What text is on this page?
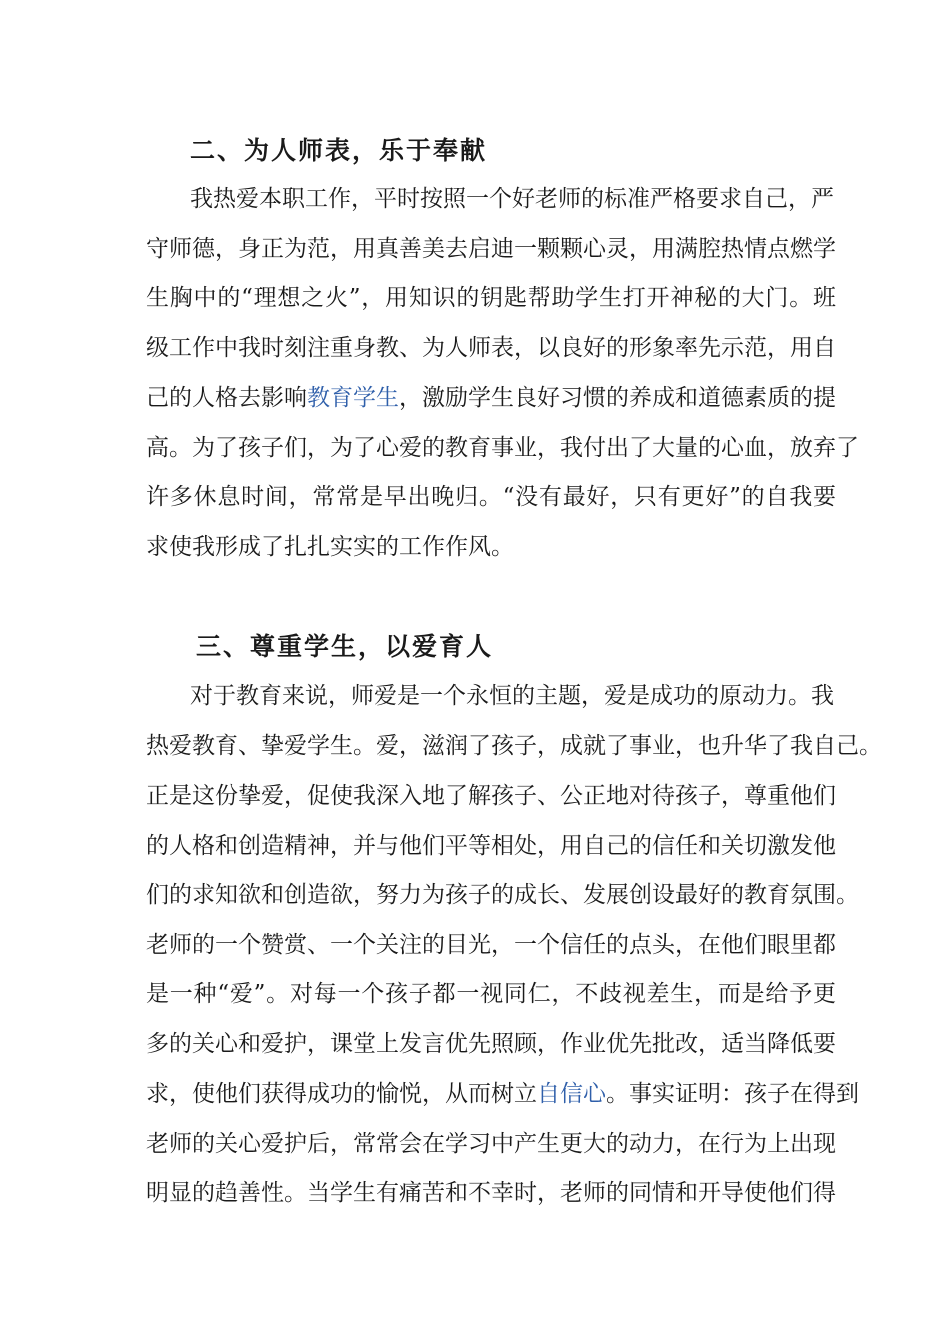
二、为人师表，乐于奉献
我热爱本职工作，平时按照一个好老师的标准严格要求自己，严
守师德，身正为范，用真善美去启迪一颗颗心灵，用满腔热情点燃学
生胸中的“理想之火”，用知识的钥匙帮助学生打开神秘的大门。班
级工作中我时刻注重身教、为人师表，以良好的形象率先示范，用自
己的人格去影响教育学生，激励学生良好习惯的养成和道德素质的提
高。为了孩子们，为了心爱的教育事业，我付出了大量的心血，放弃了
许多休息时间，常常是早出晚归。“没有最好，只有更好”的自我要
求使我形成了扎扎实实的工作作风。
三、尊重学生，以爱育人
对于教育来说，师爱是一个永恒的主题，爱是成功的原动力。我
热爱教育、挚爱学生。爱，滋润了孩子，成就了事业，也升华了我自己。
正是这份挚爱，促使我深入地了解孩子、公正地对待孩子，尊重他们
的人格和创造精神，并与他们平等相处，用自己的信任和关切激发他
们的求知欲和创造欲，努力为孩子的成长、发展创设最好的教育氛围。
老师的一个赞赏、一个关注的目光，一个信任的点头，在他们眼里都
是一种“爱”。对每一个孩子都一视同仁，不歧视差生，而是给予更
多的关心和爱护，课堂上发言优先照顾，作业优先批改，适当降低要
求，使他们获得成功的愉悦，从而树立自信心。事实证明：孩子在得到
老师的关心爱护后，常常会在学习中产生更大的动力，在行为上出现
明显的趋善性。当学生有痛苦和不幸时，老师的同情和开导使他们得
